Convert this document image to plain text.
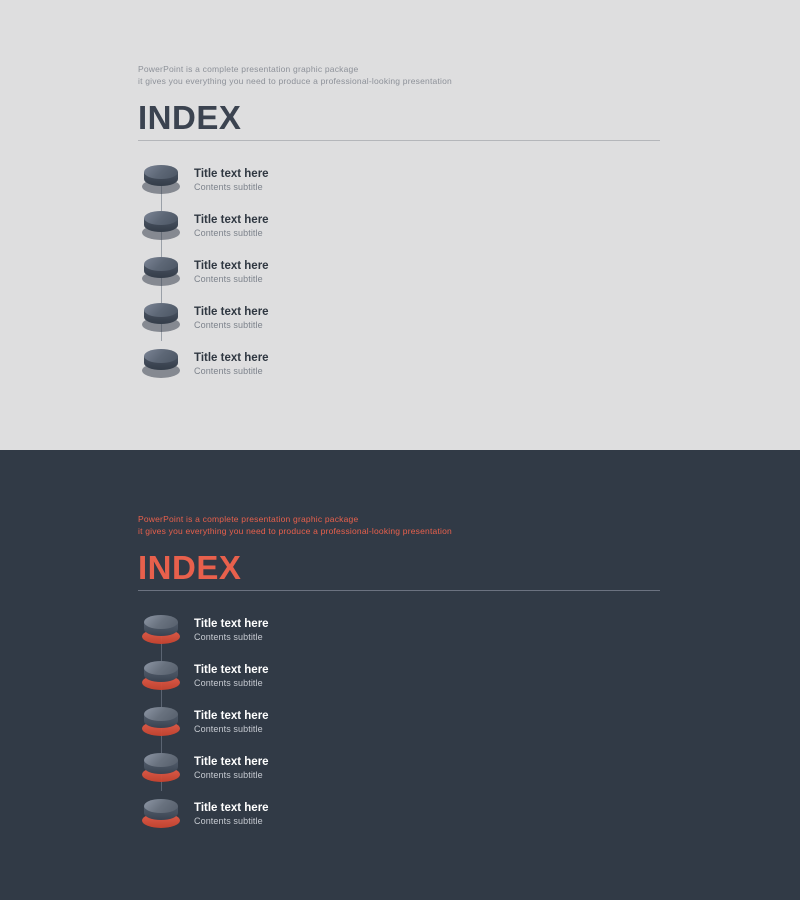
PowerPoint is a complete presentation graphic package
it gives you everything you need to produce a professional-looking presentation
INDEX
Title text here
Contents subtitle
Title text here
Contents subtitle
Title text here
Contents subtitle
Title text here
Contents subtitle
Title text here
Contents subtitle
PowerPoint is a complete presentation graphic package
it gives you everything you need to produce a professional-looking presentation
INDEX
Title text here
Contents subtitle
Title text here
Contents subtitle
Title text here
Contents subtitle
Title text here
Contents subtitle
Title text here
Contents subtitle
